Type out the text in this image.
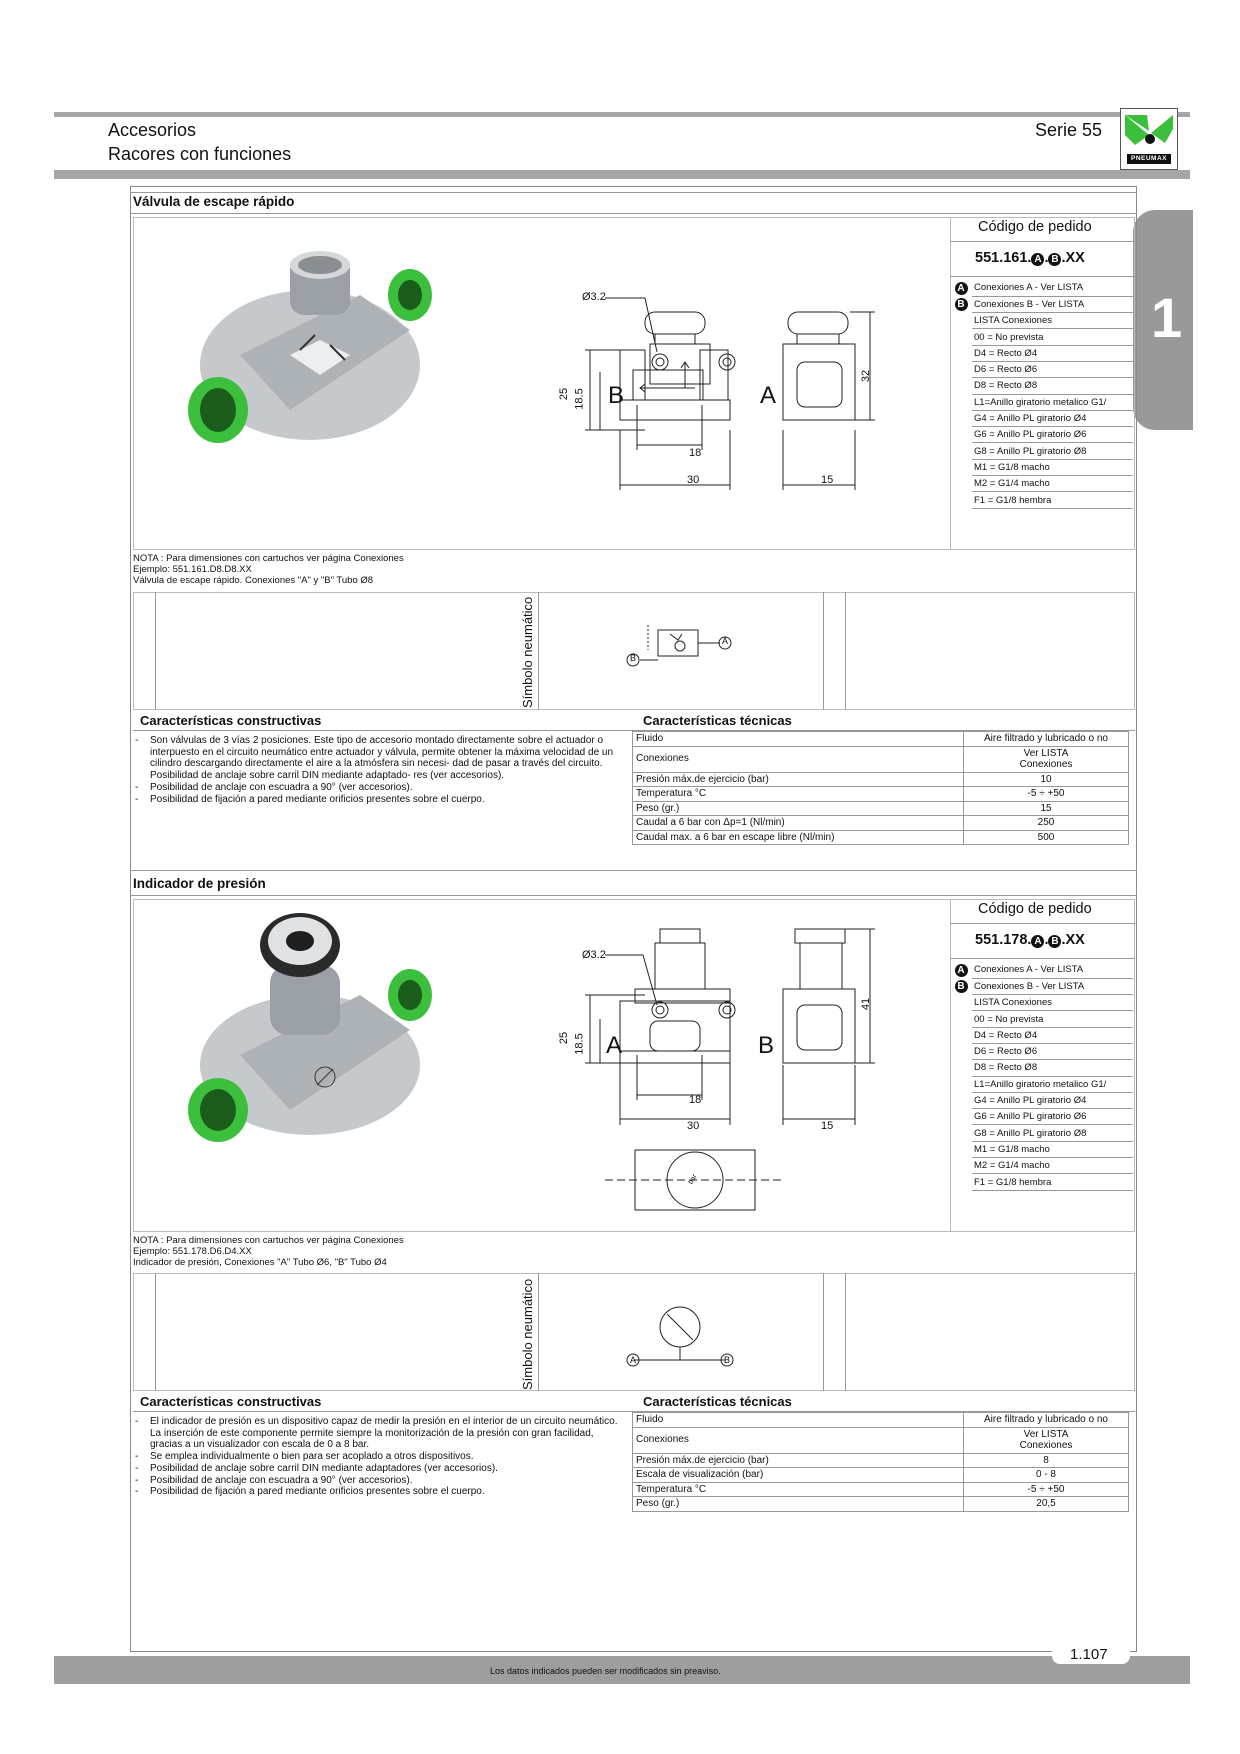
Accesorios
Racores con funciones
Serie 55
PNEUMAX
1
Válvula de escape rápido
Ø3.2
25 18.5 B	A
18
30	15
32
Código de pedido
551.161. A . B .XX
A	Conexiones A - Ver LISTA
B	Conexiones B - Ver LISTA
	LISTA Conexiones
	00 = No prevista
	D4 = Recto Ø4
	D6 = Recto Ø6
	D8 = Recto Ø8
	L1=Anillo giratorio metalico G1/
	G4 = Anillo PL giratorio Ø4
	G6 = Anillo PL giratorio Ø6
	G8 = Anillo PL giratorio Ø8
	M1 = G1/8 macho
	M2 = G1/4 macho
	F1 = G1/8 hembra
NOTA : Para dimensiones con cartuchos ver página Conexiones
Ejemplo: 551.161.D8.D8.XX
Válvula de escape rápido. Conexiones "A" y "B" Tubo Ø8
Símbolo neumático	A
B
Características constructivas	Características técnicas
- Son válvulas de 3 vías 2 posiciones. Este tipo de accesorio montado directamente sobre el actuador o interpuesto en el circuito neumático entre actuador y válvula, permite obtener la máxima velocidad de un cilindro descargando directamente el aire a la atmósfera sin necesi- dad de pasar a través del circuito. Posibilidad de anclaje sobre carril DIN mediante adaptado- res (ver accesorios).
- Posibilidad de anclaje con escuadra a 90° (ver accesorios).
- Posibilidad de fijación a pared mediante orificios presentes sobre el cuerpo.
Fluido	Aire filtrado y lubricado o no
Conexiones	Ver LISTA
Conexiones
Presión máx.de ejercicio (bar)	10
Temperatura °C	-5 ÷ +50
Peso (gr.)	15
Caudal a 6 bar con Δp=1 (Nl/min)	250
Caudal max. a 6 bar en escape libre (Nl/min)	500
Indicador de presión
Ø3.2
25 18.5 A	B
18
30	15
41
bar
Código de pedido
551.178. A . B .XX
A	Conexiones A - Ver LISTA
B	Conexiones B - Ver LISTA
	LISTA Conexiones
	00 = No prevista
	D4 = Recto Ø4
	D6 = Recto Ø6
	D8 = Recto Ø8
	L1=Anillo giratorio metalico G1/
	G4 = Anillo PL giratorio Ø4
	G6 = Anillo PL giratorio Ø6
	G8 = Anillo PL giratorio Ø8
	M1 = G1/8 macho
	M2 = G1/4 macho
	F1 = G1/8 hembra
NOTA : Para dimensiones con cartuchos ver página Conexiones
Ejemplo: 551.178.D6.D4.XX
Indicador de presión, Conexiones "A" Tubo Ø6, "B" Tubo Ø4
Símbolo neumático	A	B
Características constructivas	Características técnicas
- El indicador de presión es un dispositivo capaz de medir la presión en el interior de un circuito neumático. La inserción de este componente permite siempre la monitorización de la presión con gran facilidad, gracias a un visualizador con escala de 0 a 8 bar.
- Se emplea individualmente o bien para ser acoplado a otros dispositivos.
- Posibilidad de anclaje sobre carril DIN mediante adaptadores (ver accesorios).
- Posibilidad de anclaje con escuadra a 90° (ver accesorios).
- Posibilidad de fijación a pared mediante orificios presentes sobre el cuerpo.
Fluido	Aire filtrado y lubricado o no
Conexiones	Ver LISTA
Conexiones
Presión máx.de ejercicio (bar)	8
Escala de visualización (bar)	0 - 8
Temperatura °C	-5 ÷ +50
Peso (gr.)	20,5
Los datos indicados pueden ser modificados sin preaviso.
1.107
